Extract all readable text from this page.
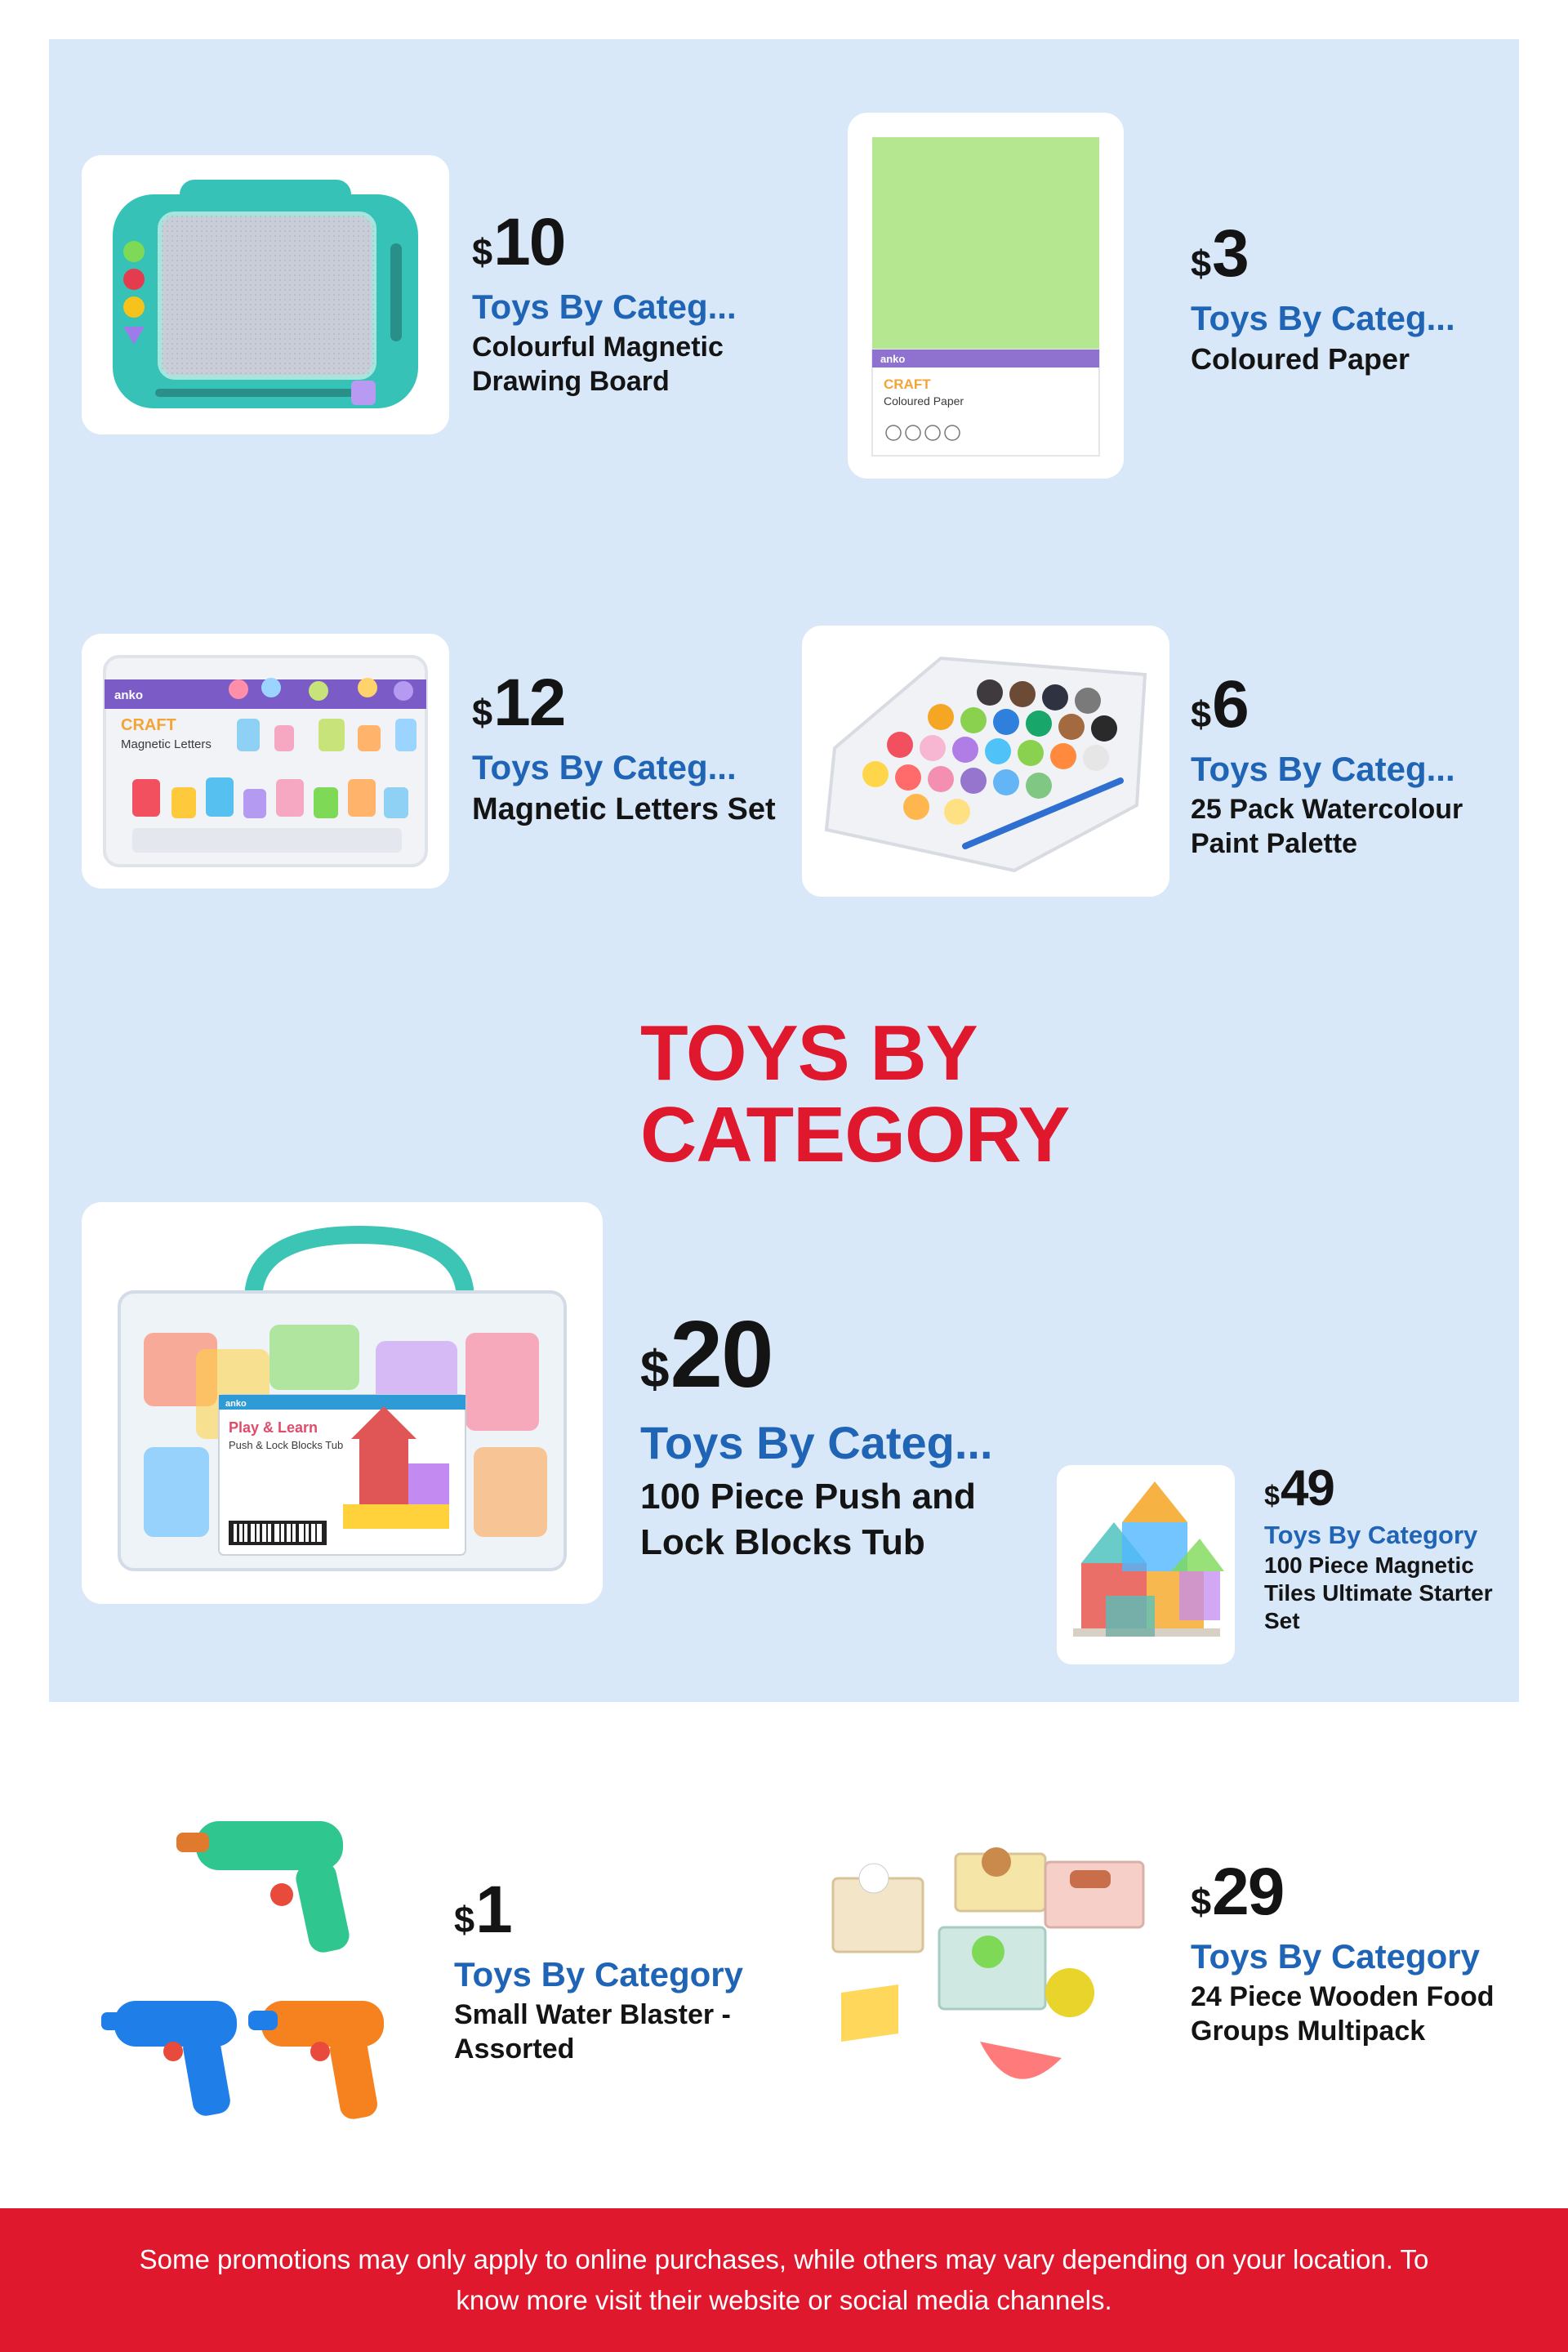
$ 10
Toys By Categ...
Colourful Magnetic Drawing Board
anko
CRAFT
Coloured Paper
$ 3
Toys By Categ...
Coloured Paper
anko
CRAFT
Magnetic Letters
$ 12
Toys By Categ...
Magnetic Letters Set
$ 6
Toys By Categ...
25 Pack Watercolour Paint Palette
TOYS BY
CATEGORY
anko
Play & Learn
Push & Lock Blocks Tub
$ 20
Toys By Categ...
100 Piece Push and Lock Blocks Tub
$ 49
Toys By Category
100 Piece Magnetic Tiles Ultimate Starter Set
$ 1
Toys By Category
Small Water Blaster - Assorted
$ 29
Toys By Category
24 Piece Wooden Food Groups Multipack
Some promotions may only apply to online purchases, while others may vary depending on your location. To know more visit their website or social media channels.
